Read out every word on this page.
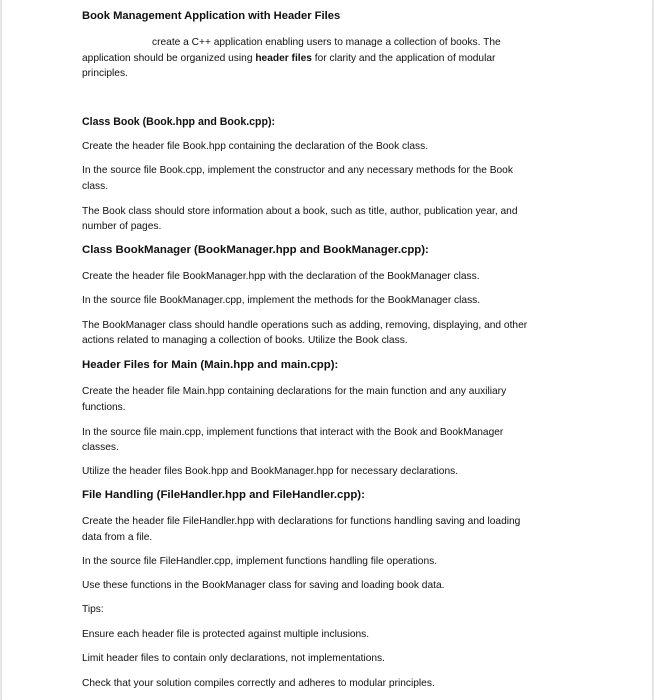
Book Management Application with Header Files
create a C++ application enabling users to manage a collection of books. The
application should be organized using header files for clarity and the application of modular
principles.
Class Book (Book.hpp and Book.cpp):
Create the header file Book.hpp containing the declaration of the Book class.
In the source file Book.cpp, implement the constructor and any necessary methods for the Book
class.
The Book class should store information about a book, such as title, author, publication year, and
number of pages.
Class BookManager (BookManager.hpp and BookManager.cpp):
Create the header file BookManager.hpp with the declaration of the BookManager class.
In the source file BookManager.cpp, implement the methods for the BookManager class.
The BookManager class should handle operations such as adding, removing, displaying, and other
actions related to managing a collection of books. Utilize the Book class.
Header Files for Main (Main.hpp and main.cpp):
Create the header file Main.hpp containing declarations for the main function and any auxiliary
functions.
In the source file main.cpp, implement functions that interact with the Book and BookManager
classes.
Utilize the header files Book.hpp and BookManager.hpp for necessary declarations.
File Handling (FileHandler.hpp and FileHandler.cpp):
Create the header file FileHandler.hpp with declarations for functions handling saving and loading
data from a file.
In the source file FileHandler.cpp, implement functions handling file operations.
Use these functions in the BookManager class for saving and loading book data.
Tips:
Ensure each header file is protected against multiple inclusions.
Limit header files to contain only declarations, not implementations.
Check that your solution compiles correctly and adheres to modular principles.
